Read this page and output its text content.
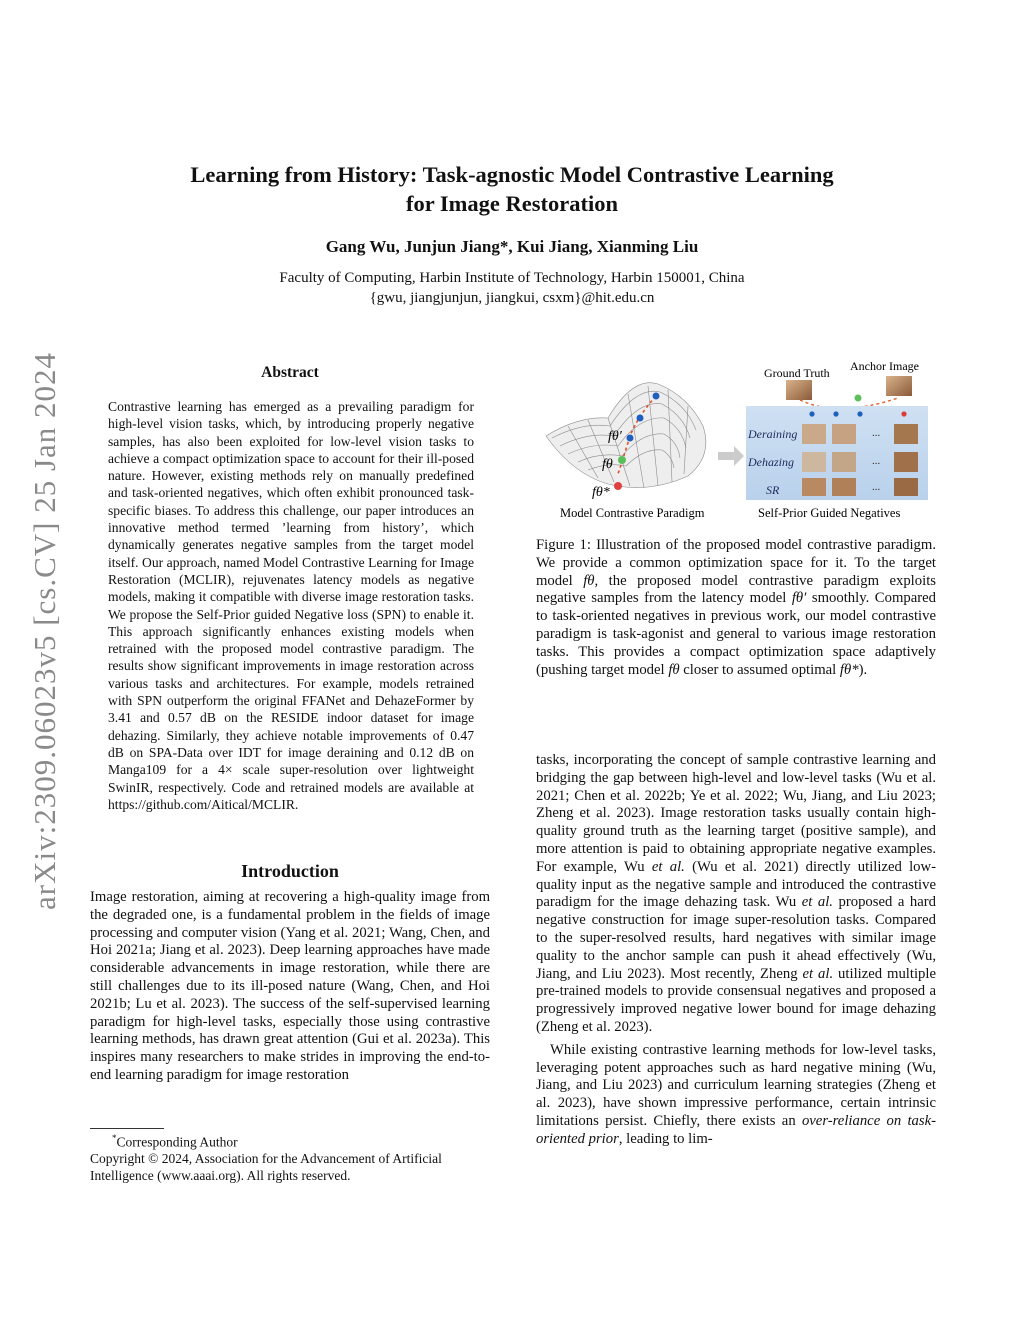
arXiv:2309.06023v5 [cs.CV] 25 Jan 2024
Learning from History: Task-agnostic Model Contrastive Learning
for Image Restoration
Gang Wu, Junjun Jiang*, Kui Jiang, Xianming Liu
Faculty of Computing, Harbin Institute of Technology, Harbin 150001, China
{gwu, jiangjunjun, jiangkui, csxm}@hit.edu.cn
Abstract
Contrastive learning has emerged as a prevailing paradigm for high-level vision tasks, which, by introducing properly negative samples, has also been exploited for low-level vision tasks to achieve a compact optimization space to account for their ill-posed nature. However, existing methods rely on manually predefined and task-oriented negatives, which often exhibit pronounced task-specific biases. To address this challenge, our paper introduces an innovative method termed ’learning from history’, which dynamically generates negative samples from the target model itself. Our approach, named Model Contrastive Learning for Image Restoration (MCLIR), rejuvenates latency models as negative models, making it compatible with diverse image restoration tasks. We propose the Self-Prior guided Negative loss (SPN) to enable it. This approach significantly enhances existing models when retrained with the proposed model contrastive paradigm. The results show significant improvements in image restoration across various tasks and architectures. For example, models retrained with SPN outperform the original FFANet and DehazeFormer by 3.41 and 0.57 dB on the RESIDE indoor dataset for image dehazing. Similarly, they achieve notable improvements of 0.47 dB on SPA-Data over IDT for image deraining and 0.12 dB on Manga109 for a 4× scale super-resolution over lightweight SwinIR, respectively. Code and retrained models are available at https://github.com/Aitical/MCLIR.
Introduction
Image restoration, aiming at recovering a high-quality image from the degraded one, is a fundamental problem in the fields of image processing and computer vision (Yang et al. 2021; Wang, Chen, and Hoi 2021a; Jiang et al. 2023). Deep learning approaches have made considerable advancements in image restoration, while there are still challenges due to its ill-posed nature (Wang, Chen, and Hoi 2021b; Lu et al. 2023). The success of the self-supervised learning paradigm for high-level tasks, especially those using contrastive learning methods, has drawn great attention (Gui et al. 2023a). This inspires many researchers to make strides in improving the end-to-end learning paradigm for image restoration
*Corresponding Author
Copyright © 2024, Association for the Advancement of Artificial Intelligence (www.aaai.org). All rights reserved.
fθ′
fθ
fθ*
Ground Truth Anchor Image
Deraining
Dehazing
SR
...
...
...
Model Contrastive Paradigm	Self-Prior Guided Negatives
Figure 1: Illustration of the proposed model contrastive paradigm. We provide a common optimization space for it. To the target model fθ, the proposed model contrastive paradigm exploits negative samples from the latency model fθ′ smoothly. Compared to task-oriented negatives in previous work, our model contrastive paradigm is task-agonist and general to various image restoration tasks. This provides a compact optimization space adaptively (pushing target model fθ closer to assumed optimal fθ*).

tasks, incorporating the concept of sample contrastive learning and bridging the gap between high-level and low-level tasks (Wu et al. 2021; Chen et al. 2022b; Ye et al. 2022; Wu, Jiang, and Liu 2023; Zheng et al. 2023). Image restoration tasks usually contain high-quality ground truth as the learning target (positive sample), and more attention is paid to obtaining appropriate negative examples. For example, Wu et al. (Wu et al. 2021) directly utilized low-quality input as the negative sample and introduced the contrastive paradigm for the image dehazing task. Wu et al. proposed a hard negative construction for image super-resolution tasks. Compared to the super-resolved results, hard negatives with similar image quality to the anchor sample can push it ahead effectively (Wu, Jiang, and Liu 2023). Most recently, Zheng et al. utilized multiple pre-trained models to provide consensual negatives and proposed a progressively improved negative lower bound for image dehazing (Zheng et al. 2023).

While existing contrastive learning methods for low-level tasks, leveraging potent approaches such as hard negative mining (Wu, Jiang, and Liu 2023) and curriculum learning strategies (Zheng et al. 2023), have shown impressive performance, certain intrinsic limitations persist. Chiefly, there exists an over-reliance on task-oriented prior, leading to lim-
